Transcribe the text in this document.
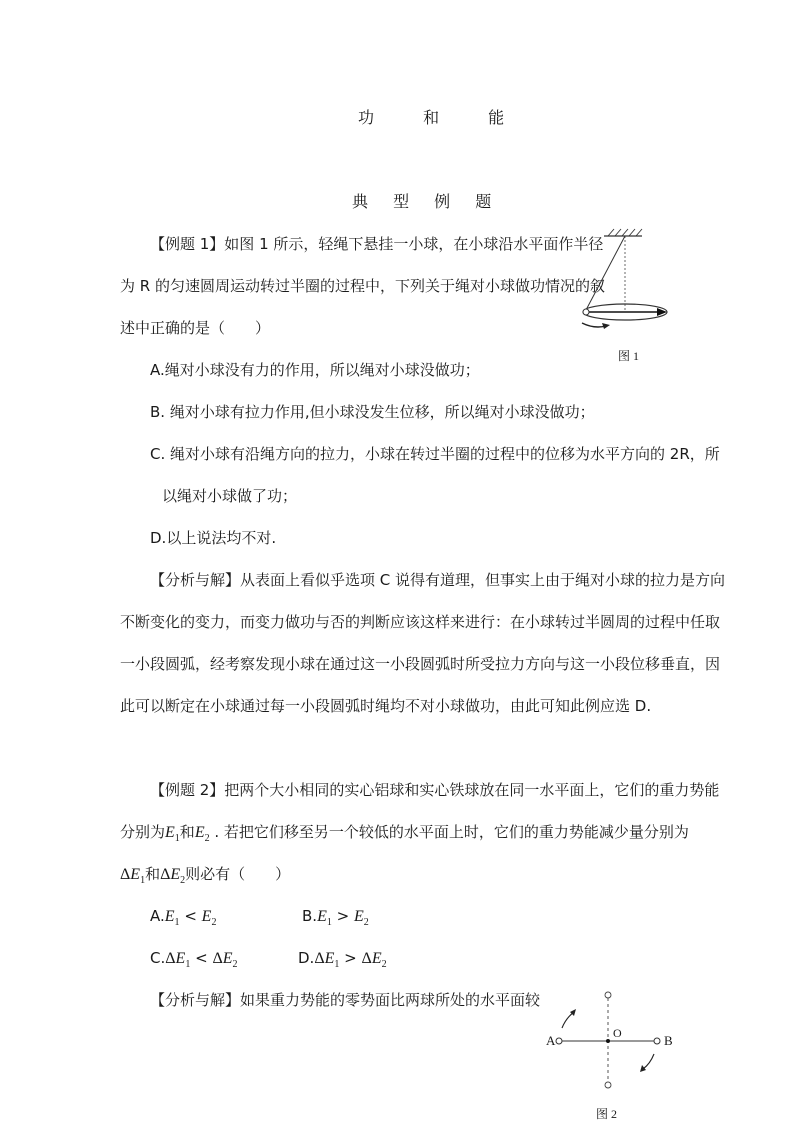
功 和 能
典 型 例 题
【例题 1】如图 1 所示，轻绳下悬挂一小球，在小球沿水平面作半径
为 R 的匀速圆周运动转过半圈的过程中，下列关于绳对小球做功情况的叙
述中正确的是（　　）
A.绳对小球没有力的作用，所以绳对小球没做功；
B. 绳对小球有拉力作用,但小球没发生位移，所以绳对小球没做功；
C. 绳对小球有沿绳方向的拉力，小球在转过半圈的过程中的位移为水平方向的 2R，所
以绳对小球做了功；
D.以上说法均不对.
【分析与解】从表面上看似乎选项 C 说得有道理，但事实上由于绳对小球的拉力是方向
不断变化的变力，而变力做功与否的判断应该这样来进行：在小球转过半圆周的过程中任取
一小段圆弧，经考察发现小球在通过这一小段圆弧时所受拉力方向与这一小段位移垂直，因
此可以断定在小球通过每一小段圆弧时绳均不对小球做功，由此可知此例应选 D.
图 1
【例题 2】把两个大小相同的实心铝球和实心铁球放在同一水平面上，它们的重力势能
分别为$E_1$和$E_2$ . 若把它们移至另一个较低的水平面上时，它们的重力势能减少量分别为
$\Delta E_1$和$\Delta E_2$则必有（　　）
$A.E_1 < E_2$	$B.E_1 > E_2$
$C.\Delta E_1 < \Delta E_2$	$D.\Delta E_1 > \Delta E_2$
【分析与解】如果重力势能的零势面比两球所处的水平面较
A	B
O
图 2
